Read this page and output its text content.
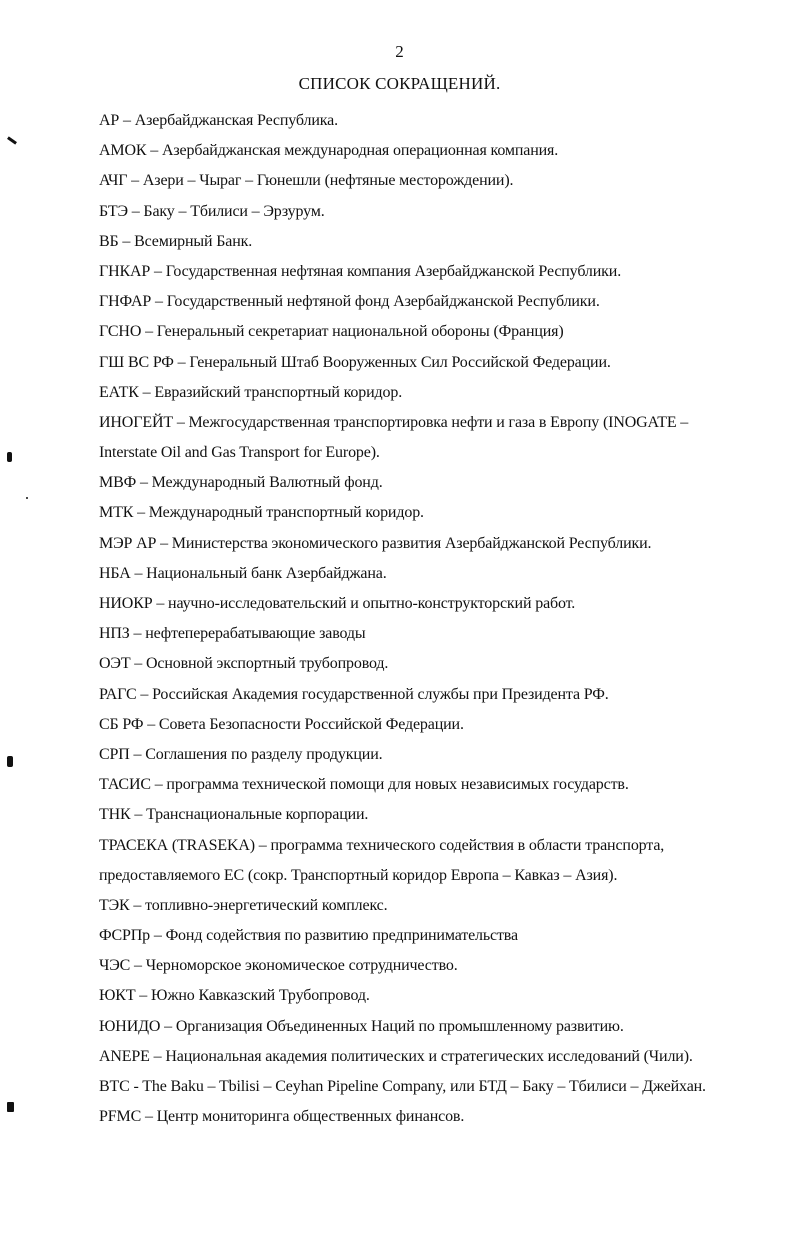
2
СПИСОК СОКРАЩЕНИЙ.
АР – Азербайджанская Республика.
АМОК – Азербайджанская международная операционная компания.
АЧГ – Азери – Чыраг – Гюнешли (нефтяные месторождении).
БТЭ – Баку – Тбилиси – Эрзурум.
ВБ – Всемирный Банк.
ГНКАР – Государственная нефтяная компания Азербайджанской Республики.
ГНФАР – Государственный нефтяной фонд Азербайджанской Республики.
ГСНО – Генеральный секретариат национальной обороны (Франция)
ГШ ВС РФ – Генеральный Штаб Вооруженных Сил Российской Федерации.
ЕАТК – Евразийский транспортный коридор.
ИНОГЕЙТ – Межгосударственная транспортировка нефти и газа в Европу (INOGATE –
Interstate Oil and Gas Transport for Europe).
МВФ – Международный Валютный фонд.
МТК – Международный транспортный коридор.
МЭР АР – Министерства экономического развития Азербайджанской Республики.
НБА – Национальный банк Азербайджана.
НИОКР – научно-исследовательский и опытно-конструкторский работ.
НПЗ – нефтеперерабатывающие заводы
ОЭТ – Основной экспортный трубопровод.
РАГС – Российская Академия государственной службы при Президента РФ.
СБ РФ – Совета Безопасности Российской Федерации.
СРП – Соглашения по разделу продукции.
ТАСИС – программа технической помощи для новых независимых государств.
ТНК – Транснациональные корпорации.
ТРАСЕКА (TRASEKA) – программа технического содействия в области транспорта,
предоставляемого ЕС (сокр. Транспортный коридор Европа – Кавказ – Азия).
ТЭК – топливно-энергетический комплекс.
ФСРПр – Фонд содействия по развитию предпринимательства
ЧЭС – Черноморское экономическое сотрудничество.
ЮКТ – Южно Кавказский Трубопровод.
ЮНИДО – Организация Объединенных Наций по промышленному развитию.
ANEPE – Национальная академия политических и стратегических исследований (Чили).
BTC - The Baku – Tbilisi – Ceyhan Pipeline Company, или БТД – Баку – Тбилиси – Джейхан.
PFMC – Центр мониторинга общественных финансов.
